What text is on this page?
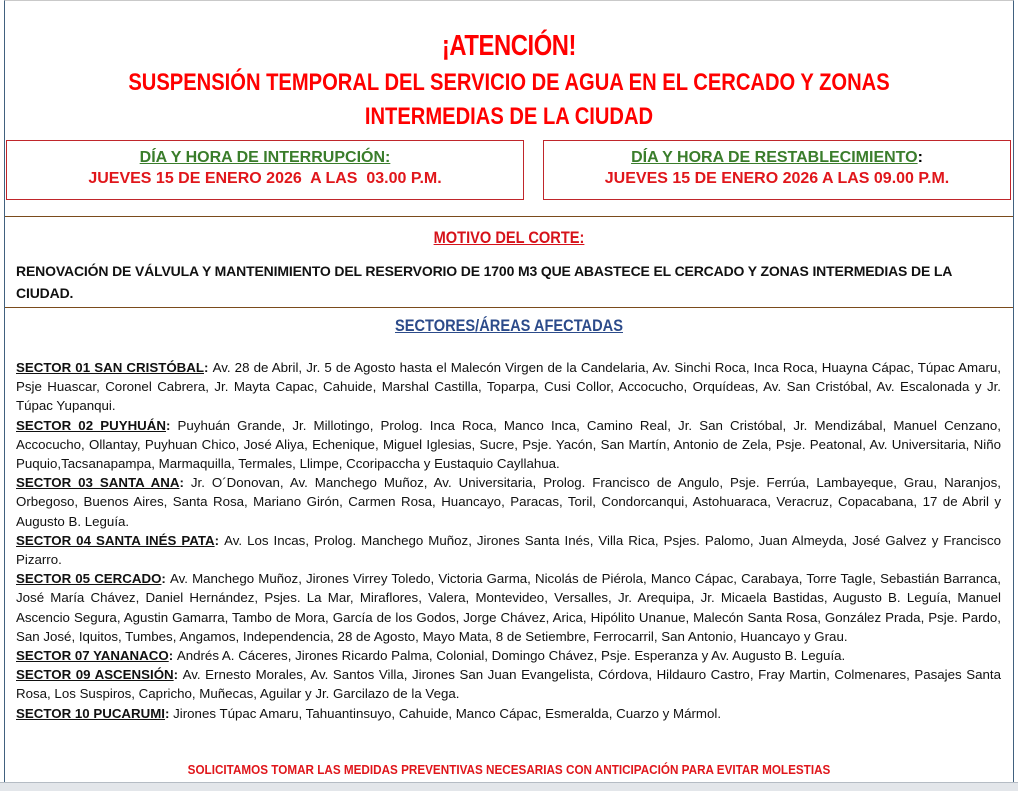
¡ATENCIÓN!
SUSPENSIÓN TEMPORAL DEL SERVICIO DE AGUA EN EL CERCADO Y ZONAS
INTERMEDIAS DE LA CIUDAD
DÍA Y HORA DE INTERRUPCIÓN:
JUEVES 15 DE ENERO 2026  A LAS  03.00 P.M.
DÍA Y HORA DE RESTABLECIMIENTO:
JUEVES 15 DE ENERO 2026 A LAS 09.00 P.M.
MOTIVO DEL CORTE:
RENOVACIÓN DE VÁLVULA Y MANTENIMIENTO DEL RESERVORIO DE 1700 M3 QUE ABASTECE EL CERCADO Y ZONAS INTERMEDIAS DE LA CIUDAD.
SECTORES/ÁREAS AFECTADAS

SECTOR 01 SAN CRISTÓBAL: Av. 28 de Abril, Jr. 5 de Agosto hasta el Malecón Virgen de la Candelaria, Av. Sinchi Roca, Inca Roca, Huayna Cápac, Túpac Amaru, Psje Huascar, Coronel Cabrera, Jr. Mayta Capac, Cahuide, Marshal Castilla, Toparpa, Cusi Collor, Accocucho, Orquídeas, Av. San Cristóbal, Av. Escalonada y Jr. Túpac Yupanqui.

SECTOR 02 PUYHUÁN: Puyhuán Grande, Jr. Millotingo, Prolog. Inca Roca, Manco Inca, Camino Real, Jr. San Cristóbal, Jr. Mendizábal, Manuel Cenzano, Accocucho, Ollantay, Puyhuan Chico, José Aliya, Echenique, Miguel Iglesias, Sucre, Psje. Yacón, San Martín, Antonio de Zela, Psje. Peatonal, Av. Universitaria, Niño Puquio,Tacsanapampa, Marmaquilla, Termales, Llimpe, Ccoripaccha y Eustaquio Cayllahua.

SECTOR 03 SANTA ANA: Jr. O´Donovan, Av. Manchego Muñoz, Av. Universitaria, Prolog. Francisco de Angulo, Psje. Ferrúa, Lambayeque, Grau, Naranjos, Orbegoso, Buenos Aires, Santa Rosa, Mariano Girón, Carmen Rosa, Huancayo, Paracas, Toril, Condorcanqui, Astohuaraca, Veracruz, Copacabana, 17 de Abril y Augusto B. Leguía.

SECTOR 04 SANTA INÉS PATA: Av. Los Incas, Prolog. Manchego Muñoz, Jirones Santa Inés, Villa Rica, Psjes. Palomo, Juan Almeyda, José Galvez y Francisco Pizarro.

SECTOR 05 CERCADO: Av. Manchego Muñoz, Jirones Virrey Toledo, Victoria Garma, Nicolás de Piérola, Manco Cápac, Carabaya, Torre Tagle, Sebastián Barranca, José María Chávez, Daniel Hernández, Psjes. La Mar, Miraflores, Valera, Montevideo, Versalles, Jr. Arequipa, Jr. Micaela Bastidas, Augusto B. Leguía, Manuel Ascencio Segura, Agustin Gamarra, Tambo de Mora, García de los Godos, Jorge Chávez, Arica, Hipólito Unanue, Malecón Santa Rosa, González Prada, Psje. Pardo, San José, Iquitos, Tumbes, Angamos, Independencia, 28 de Agosto, Mayo Mata, 8 de Setiembre, Ferrocarril, San Antonio, Huancayo y Grau.

SECTOR 07 YANANACO: Andrés A. Cáceres, Jirones Ricardo Palma, Colonial, Domingo Chávez, Psje. Esperanza y Av. Augusto B. Leguía.

SECTOR 09 ASCENSIÓN: Av. Ernesto Morales, Av. Santos Villa, Jirones San Juan Evangelista, Córdova, Hildauro Castro, Fray Martin, Colmenares, Pasajes Santa Rosa, Los Suspiros, Capricho, Muñecas, Aguilar y Jr. Garcilazo de la Vega.

SECTOR 10 PUCARUMI: Jirones Túpac Amaru, Tahuantinsuyo, Cahuide, Manco Cápac, Esmeralda, Cuarzo y Mármol.

SOLICITAMOS TOMAR LAS MEDIDAS PREVENTIVAS NECESARIAS CON ANTICIPACIÓN PARA EVITAR MOLESTIAS
